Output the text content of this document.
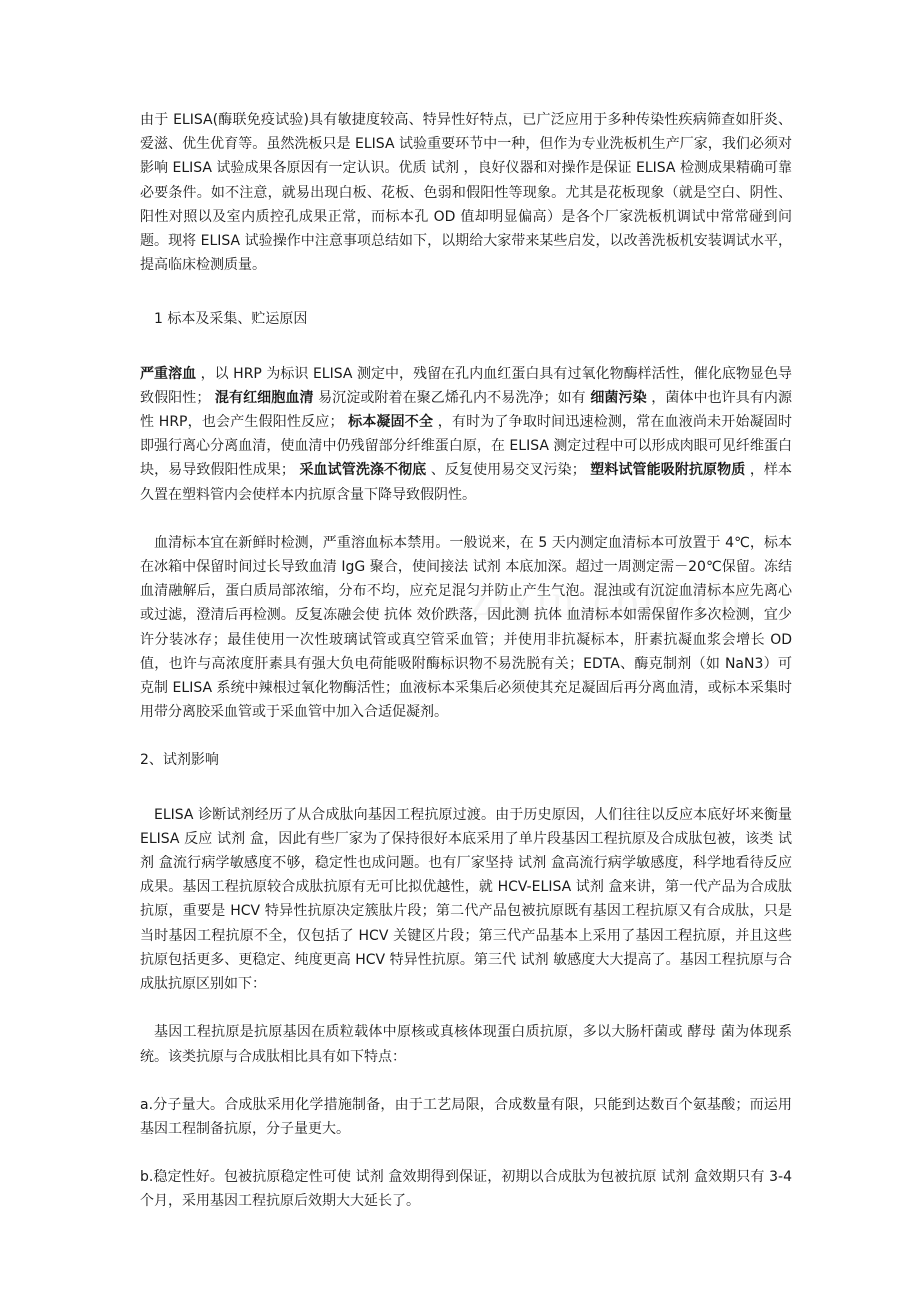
由于 ELISA(酶联免疫试验)具有敏捷度较高、特异性好特点，已广泛应用于多种传染性疾病筛查如肝炎、爱滋、优生优育等。虽然洗板只是 ELISA 试验重要环节中一种，但作为专业洗板机生产厂家，我们必须对影响 ELISA 试验成果各原因有一定认识。优质 试剂 ，良好仪器和对操作是保证 ELISA 检测成果精确可靠必要条件。如不注意，就易出现白板、花板、色弱和假阳性等现象。尤其是花板现象（就是空白、阴性、阳性对照以及室内质控孔成果正常，而标本孔 OD 值却明显偏高）是各个厂家洗板机调试中常常碰到问题。现将 ELISA 试验操作中注意事项总结如下，以期给大家带来某些启发，以改善洗板机安装调试水平，提高临床检测质量。

1 标本及采集、贮运原因

严重溶血 ，以 HRP 为标识 ELISA 测定中，残留在孔内血红蛋白具有过氧化物酶样活性，催化底物显色导致假阳性； 混有红细胞血清 易沉淀或附着在聚乙烯孔内不易洗净；如有 细菌污染 ，菌体中也许具有内源性 HRP，也会产生假阳性反应； 标本凝固不全 ，有时为了争取时间迅速检测，常在血液尚未开始凝固时即强行离心分离血清，使血清中仍残留部分纤维蛋白原，在 ELISA 测定过程中可以形成肉眼可见纤维蛋白块，易导致假阳性成果； 采血试管洗涤不彻底 、反复使用易交叉污染； 塑料试管能吸附抗原物质 ，样本久置在塑料管内会使样本内抗原含量下降导致假阴性。

血清标本宜在新鲜时检测，严重溶血标本禁用。一般说来，在 5 天内测定血清标本可放置于 4℃，标本在冰箱中保留时间过长导致血清 IgG 聚合，使间接法 试剂 本底加深。超过一周测定需－20℃保留。冻结血清融解后，蛋白质局部浓缩，分布不均，应充足混匀并防止产生气泡。混浊或有沉淀血清标本应先离心或过滤，澄清后再检测。反复冻融会使 抗体 效价跌落，因此测 抗体 血清标本如需保留作多次检测，宜少许分装冰存；最佳使用一次性玻璃试管或真空管采血管；并使用非抗凝标本，肝素抗凝血浆会增长 OD 值，也许与高浓度肝素具有强大负电荷能吸附酶标识物不易洗脱有关；EDTA、酶克制剂（如 NaN3）可克制 ELISA 系统中辣根过氧化物酶活性；血液标本采集后必须使其充足凝固后再分离血清，或标本采集时用带分离胶采血管或于采血管中加入合适促凝剂。

2、试剂影响

ELISA 诊断试剂经历了从合成肽向基因工程抗原过渡。由于历史原因，人们往往以反应本底好坏来衡量 ELISA 反应 试剂 盒，因此有些厂家为了保持很好本底采用了单片段基因工程抗原及合成肽包被，该类 试剂 盒流行病学敏感度不够，稳定性也成问题。也有厂家坚持 试剂 盒高流行病学敏感度，科学地看待反应成果。基因工程抗原较合成肽抗原有无可比拟优越性，就 HCV-ELISA 试剂 盒来讲，第一代产品为合成肽抗原，重要是 HCV 特异性抗原决定簇肽片段；第二代产品包被抗原既有基因工程抗原又有合成肽，只是当时基因工程抗原不全，仅包括了 HCV 关键区片段；第三代产品基本上采用了基因工程抗原，并且这些抗原包括更多、更稳定、纯度更高 HCV 特异性抗原。第三代 试剂 敏感度大大提高了。基因工程抗原与合成肽抗原区别如下：

基因工程抗原是抗原基因在质粒载体中原核或真核体现蛋白质抗原，多以大肠杆菌或 酵母 菌为体现系统。该类抗原与合成肽相比具有如下特点：

a.分子量大。合成肽采用化学措施制备，由于工艺局限，合成数量有限，只能到达数百个氨基酸；而运用基因工程制备抗原，分子量更大。

b.稳定性好。包被抗原稳定性可使 试剂 盒效期得到保证，初期以合成肽为包被抗原 试剂 盒效期只有 3-4 个月，采用基因工程抗原后效期大大延长了。
